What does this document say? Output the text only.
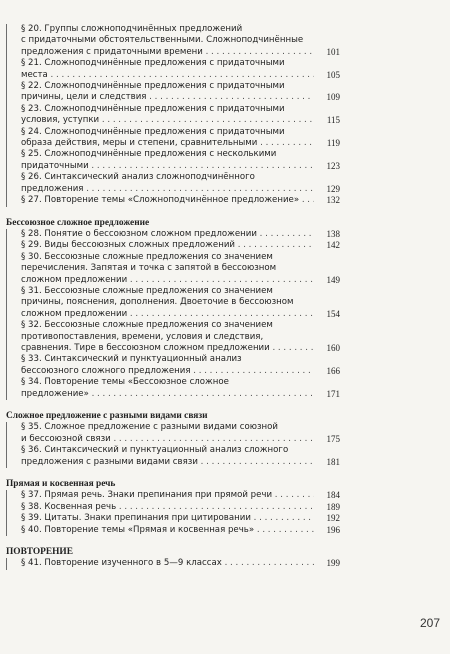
§ 20. Группы сложноподчинённых предложений
с придаточными обстоятельственными. Сложноподчинённые
предложения с придаточными времени . . .	101
§ 21. Сложноподчинённые предложения с придаточными
места . . .	105
§ 22. Сложноподчинённые предложения с придаточными
причины, цели и следствия . . .	109
§ 23. Сложноподчинённые предложения с придаточными
условия, уступки . . .	115
§ 24. Сложноподчинённые предложения с придаточными
образа действия, меры и степени, сравнительными . . .	119
§ 25. Сложноподчинённые предложения с несколькими
придаточными . . .	123
§ 26. Синтаксический анализ сложноподчинённого
предложения . . .	129
§ 27. Повторение темы «Сложноподчинённое предложение» . . .	132
Бессоюзное сложное предложение
§ 28. Понятие о бессоюзном сложном предложении . . .	138
§ 29. Виды бессоюзных сложных предложений . . .	142
§ 30. Бессоюзные сложные предложения со значением
перечисления. Запятая и точка с запятой в бессоюзном
сложном предложении . . .	149
§ 31. Бессоюзные сложные предложения со значением
причины, пояснения, дополнения. Двоеточие в бессоюзном
сложном предложении . . .	154
§ 32. Бессоюзные сложные предложения со значением
противопоставления, времени, условия и следствия,
сравнения. Тире в бессоюзном сложном предложении . . .	160
§ 33. Синтаксический и пунктуационный анализ
бессоюзного сложного предложения . . .	166
§ 34. Повторение темы «Бессоюзное сложное
предложение» . . .	171
Сложное предложение с разными видами связи
§ 35. Сложное предложение с разными видами союзной
и бессоюзной связи . . .	175
§ 36. Синтаксический и пунктуационный анализ сложного
предложения с разными видами связи . . .	181
Прямая и косвенная речь
§ 37. Прямая речь. Знаки препинания при прямой речи . . .	184
§ 38. Косвенная речь . . .	189
§ 39. Цитаты. Знаки препинания при цитировании . . .	192
§ 40. Повторение темы «Прямая и косвенная речь» . . .	196
ПОВТОРЕНИЕ
§ 41. Повторение изученного в 5—9 классах . . .	199
207
